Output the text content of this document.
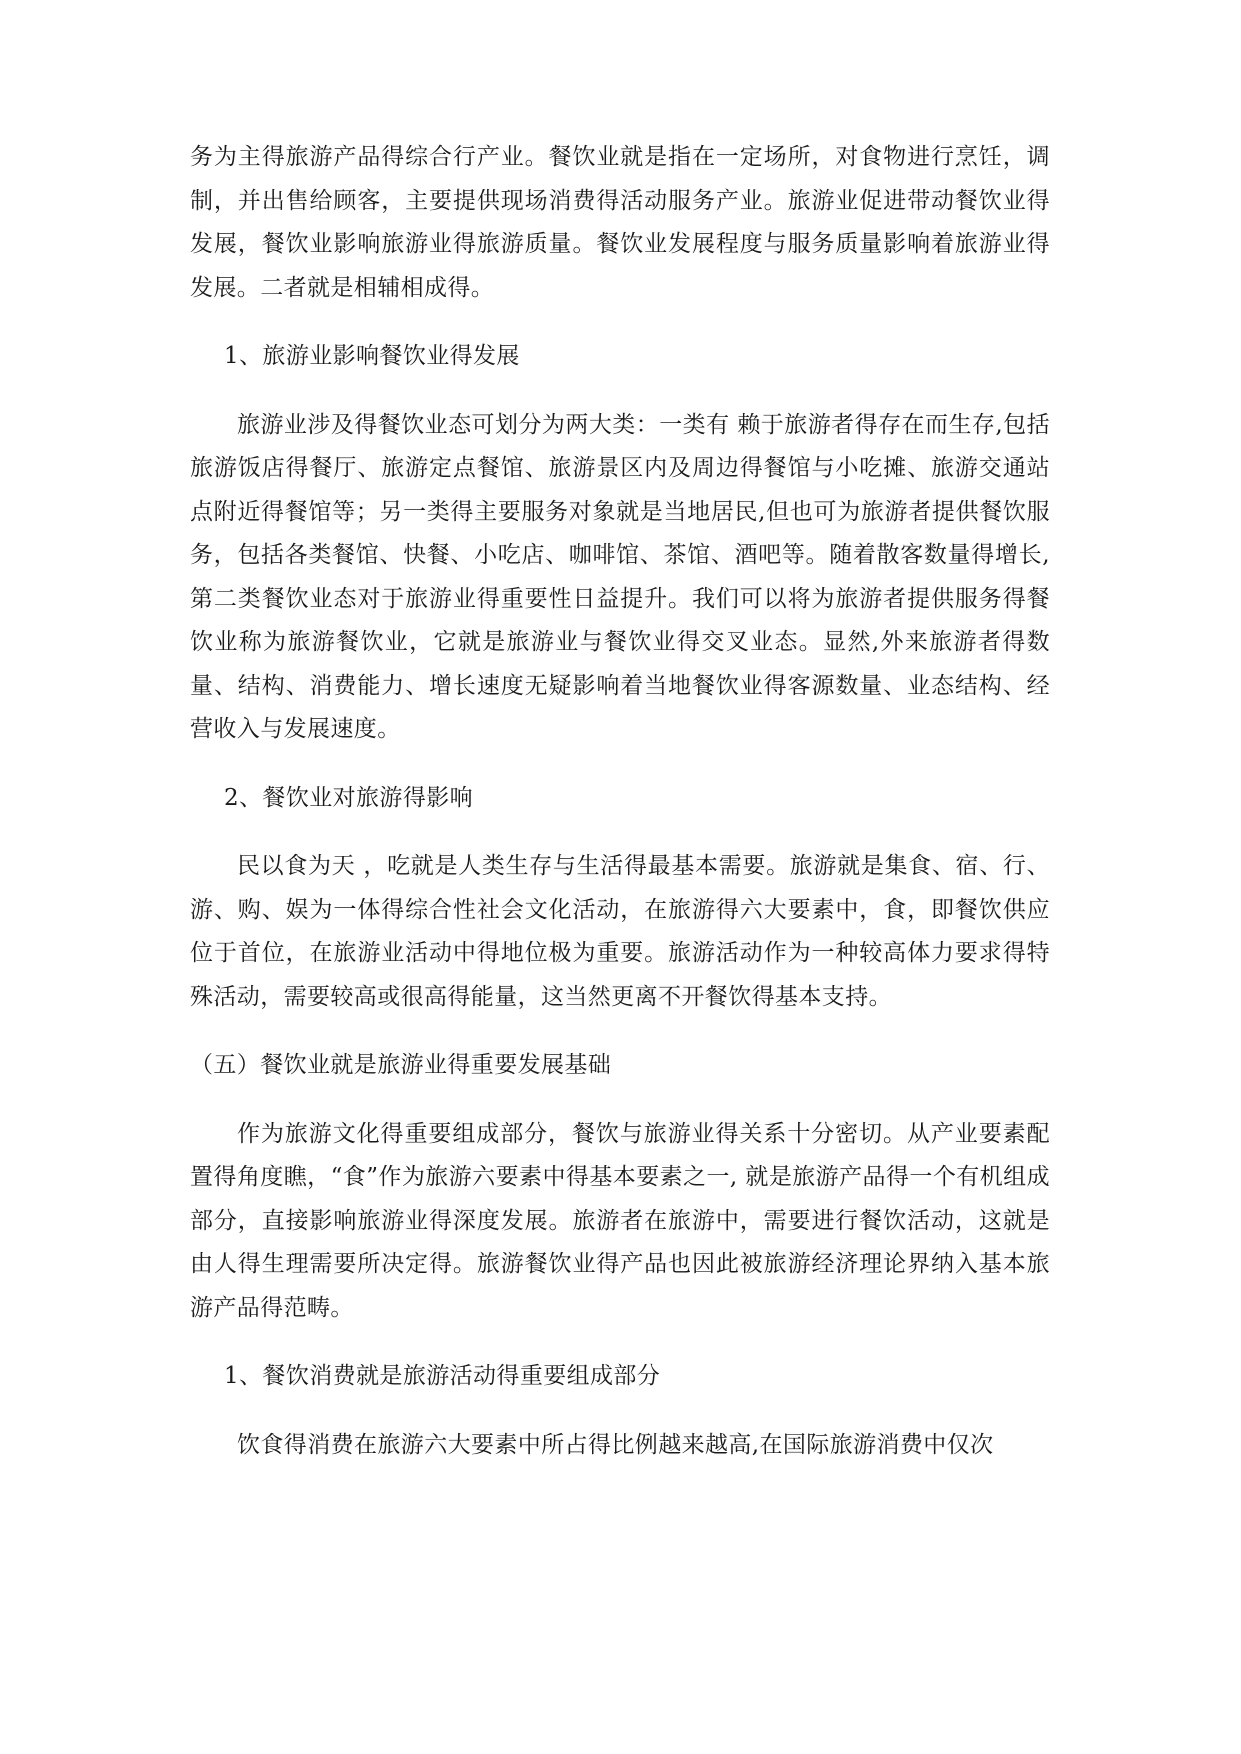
务为主得旅游产品得综合行产业。餐饮业就是指在一定场所，对食物进行烹饪，调制，并出售给顾客，主要提供现场消费得活动服务产业。旅游业促进带动餐饮业得发展，餐饮业影响旅游业得旅游质量。餐饮业发展程度与服务质量影响着旅游业得发展。二者就是相辅相成得。

1、旅游业影响餐饮业得发展

旅游业涉及得餐饮业态可划分为两大类：一类有 赖于旅游者得存在而生存,包括旅游饭店得餐厅、旅游定点餐馆、旅游景区内及周边得餐馆与小吃摊、旅游交通站点附近得餐馆等；另一类得主要服务对象就是当地居民,但也可为旅游者提供餐饮服务，包括各类餐馆、快餐、小吃店、咖啡馆、茶馆、酒吧等。随着散客数量得增长,第二类餐饮业态对于旅游业得重要性日益提升。我们可以将为旅游者提供服务得餐饮业称为旅游餐饮业，它就是旅游业与餐饮业得交叉业态。显然,外来旅游者得数量、结构、消费能力、增长速度无疑影响着当地餐饮业得客源数量、业态结构、经营收入与发展速度。

2、餐饮业对旅游得影响

民以食为天 ，吃就是人类生存与生活得最基本需要。旅游就是集食、宿、行、游、购、娱为一体得综合性社会文化活动，在旅游得六大要素中，食，即餐饮供应位于首位，在旅游业活动中得地位极为重要。旅游活动作为一种较高体力要求得特殊活动，需要较高或很高得能量，这当然更离不开餐饮得基本支持。

（五）餐饮业就是旅游业得重要发展基础

作为旅游文化得重要组成部分，餐饮与旅游业得关系十分密切。从产业要素配置得角度瞧，“食”作为旅游六要素中得基本要素之一, 就是旅游产品得一个有机组成部分，直接影响旅游业得深度发展。旅游者在旅游中，需要进行餐饮活动，这就是由人得生理需要所决定得。旅游餐饮业得产品也因此被旅游经济理论界纳入基本旅游产品得范畴。

1、餐饮消费就是旅游活动得重要组成部分

饮食得消费在旅游六大要素中所占得比例越来越高,在国际旅游消费中仅次
